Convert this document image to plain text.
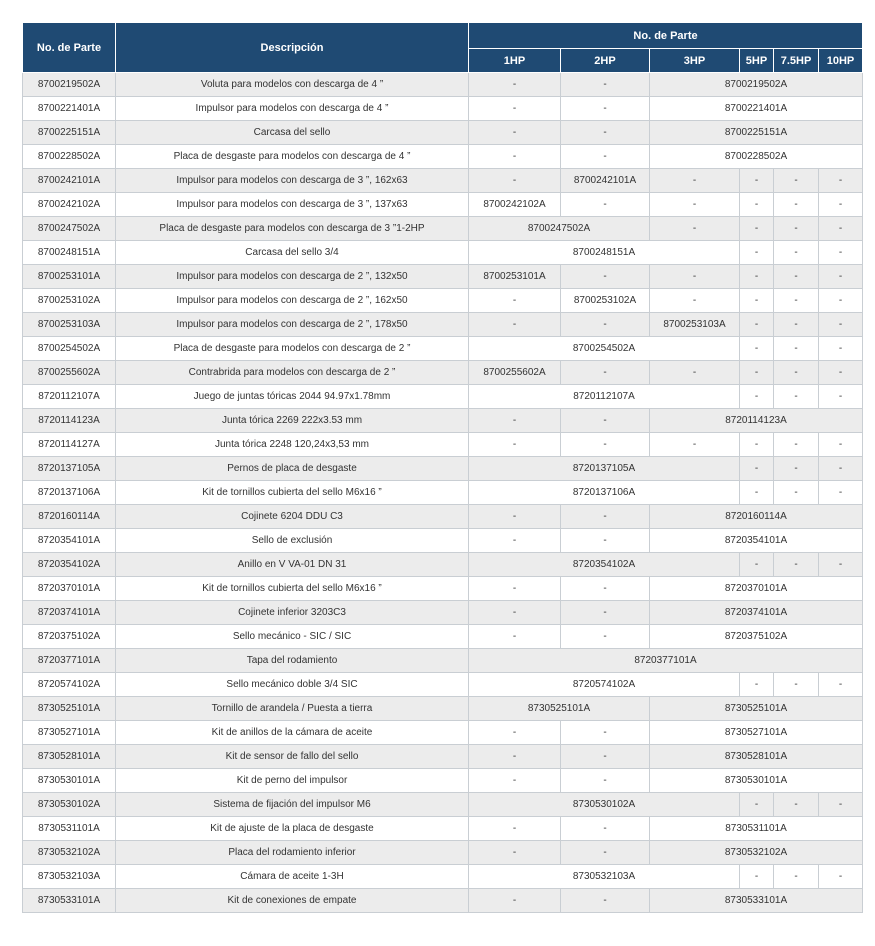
No. de Parte	Descripción	No. de Parte					
		1HP	2HP	3HP	5HP	7.5HP	10HP
8700219502A	Voluta para modelos con descarga de 4 ”	-	-	8700219502A			
8700221401A	Impulsor para modelos con descarga de 4 ”	-	-	8700221401A			
8700225151A	Carcasa del sello	-	-	8700225151A			
8700228502A	Placa de desgaste para modelos con descarga de 4 ”	-	-	8700228502A			
8700242101A	Impulsor para modelos con descarga de 3 ”, 162x63	-	8700242101A	-	-	-	-
8700242102A	Impulsor para modelos con descarga de 3 ”, 137x63	8700242102A	-	-	-	-	-
8700247502A	Placa de desgaste para modelos con descarga de 3 ”1-2HP	8700247502A		-	-	-	-
8700248151A	Carcasa del sello 3/4	8700248151A			-	-	-
8700253101A	Impulsor para modelos con descarga de 2 ”, 132x50	8700253101A	-	-	-	-	-
8700253102A	Impulsor para modelos con descarga de 2 ”, 162x50	-	8700253102A	-	-	-	-
8700253103A	Impulsor para modelos con descarga de 2 ”, 178x50	-	-	8700253103A	-	-	-
8700254502A	Placa de desgaste para modelos con descarga de 2 ”	8700254502A			-	-	-
8700255602A	Contrabrida para modelos con descarga de 2 ”	8700255602A	-	-	-	-	-
8720112107A	Juego de juntas tóricas 2044 94.97x1.78mm	8720112107A			-	-	-
8720114123A	Junta tórica 2269 222x3.53 mm	-	-	8720114123A			
8720114127A	Junta tórica 2248 120,24x3,53 mm	-	-	-	-	-	-
8720137105A	Pernos de placa de desgaste	8720137105A			-	-	-
8720137106A	Kit de tornillos cubierta del sello M6x16 ”	8720137106A			-	-	-
8720160114A	Cojinete 6204 DDU C3	-	-	8720160114A			
8720354101A	Sello de exclusión	-	-	8720354101A			
8720354102A	Anillo en V VA-01 DN 31	8720354102A			-	-	-
8720370101A	Kit de tornillos cubierta del sello M6x16 ”	-	-	8720370101A			
8720374101A	Cojinete inferior 3203C3	-	-	8720374101A			
8720375102A	Sello mecánico - SIC / SIC	-	-	8720375102A			
8720377101A	Tapa del rodamiento	8720377101A					
8720574102A	Sello mecánico doble 3/4 SIC	8720574102A			-	-	-
8730525101A	Tornillo de arandela / Puesta a tierra	8730525101A		8730525101A			
8730527101A	Kit de anillos de la cámara de aceite	-	-	8730527101A			
8730528101A	Kit de sensor de fallo del sello	-	-	8730528101A			
8730530101A	Kit de perno del impulsor	-	-	8730530101A			
8730530102A	Sistema de fijación del impulsor M6	8730530102A			-	-	-
8730531101A	Kit de ajuste de la placa de desgaste	-	-	8730531101A			
8730532102A	Placa del rodamiento inferior	-	-	8730532102A			
8730532103A	Cámara de aceite 1-3H	8730532103A			-	-	-
8730533101A	Kit de conexiones de empate	-	-	8730533101A			
